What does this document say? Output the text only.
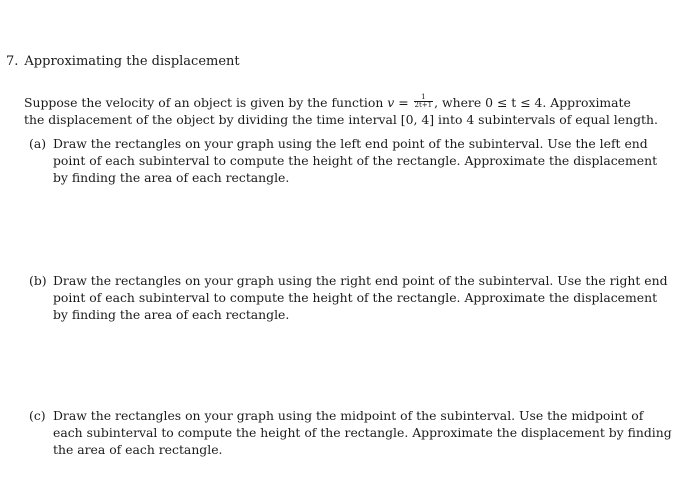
7. Approximating the displacement
Suppose the velocity of an object is given by the function $v = \frac{1}{2t+1}$ , where 0 ≤ t ≤ 4. Approximate
the displacement of the object by dividing the time interval [0, 4] into 4 subintervals of equal length.
(a) Draw the rectangles on your graph using the left end point of the subinterval. Use the left end
point of each subinterval to compute the height of the rectangle. Approximate the displacement
by finding the area of each rectangle.
(b) Draw the rectangles on your graph using the right end point of the subinterval. Use the right end
point of each subinterval to compute the height of the rectangle. Approximate the displacement
by finding the area of each rectangle.
(c) Draw the rectangles on your graph using the midpoint of the subinterval. Use the midpoint of
each subinterval to compute the height of the rectangle. Approximate the displacement by finding
the area of each rectangle.
